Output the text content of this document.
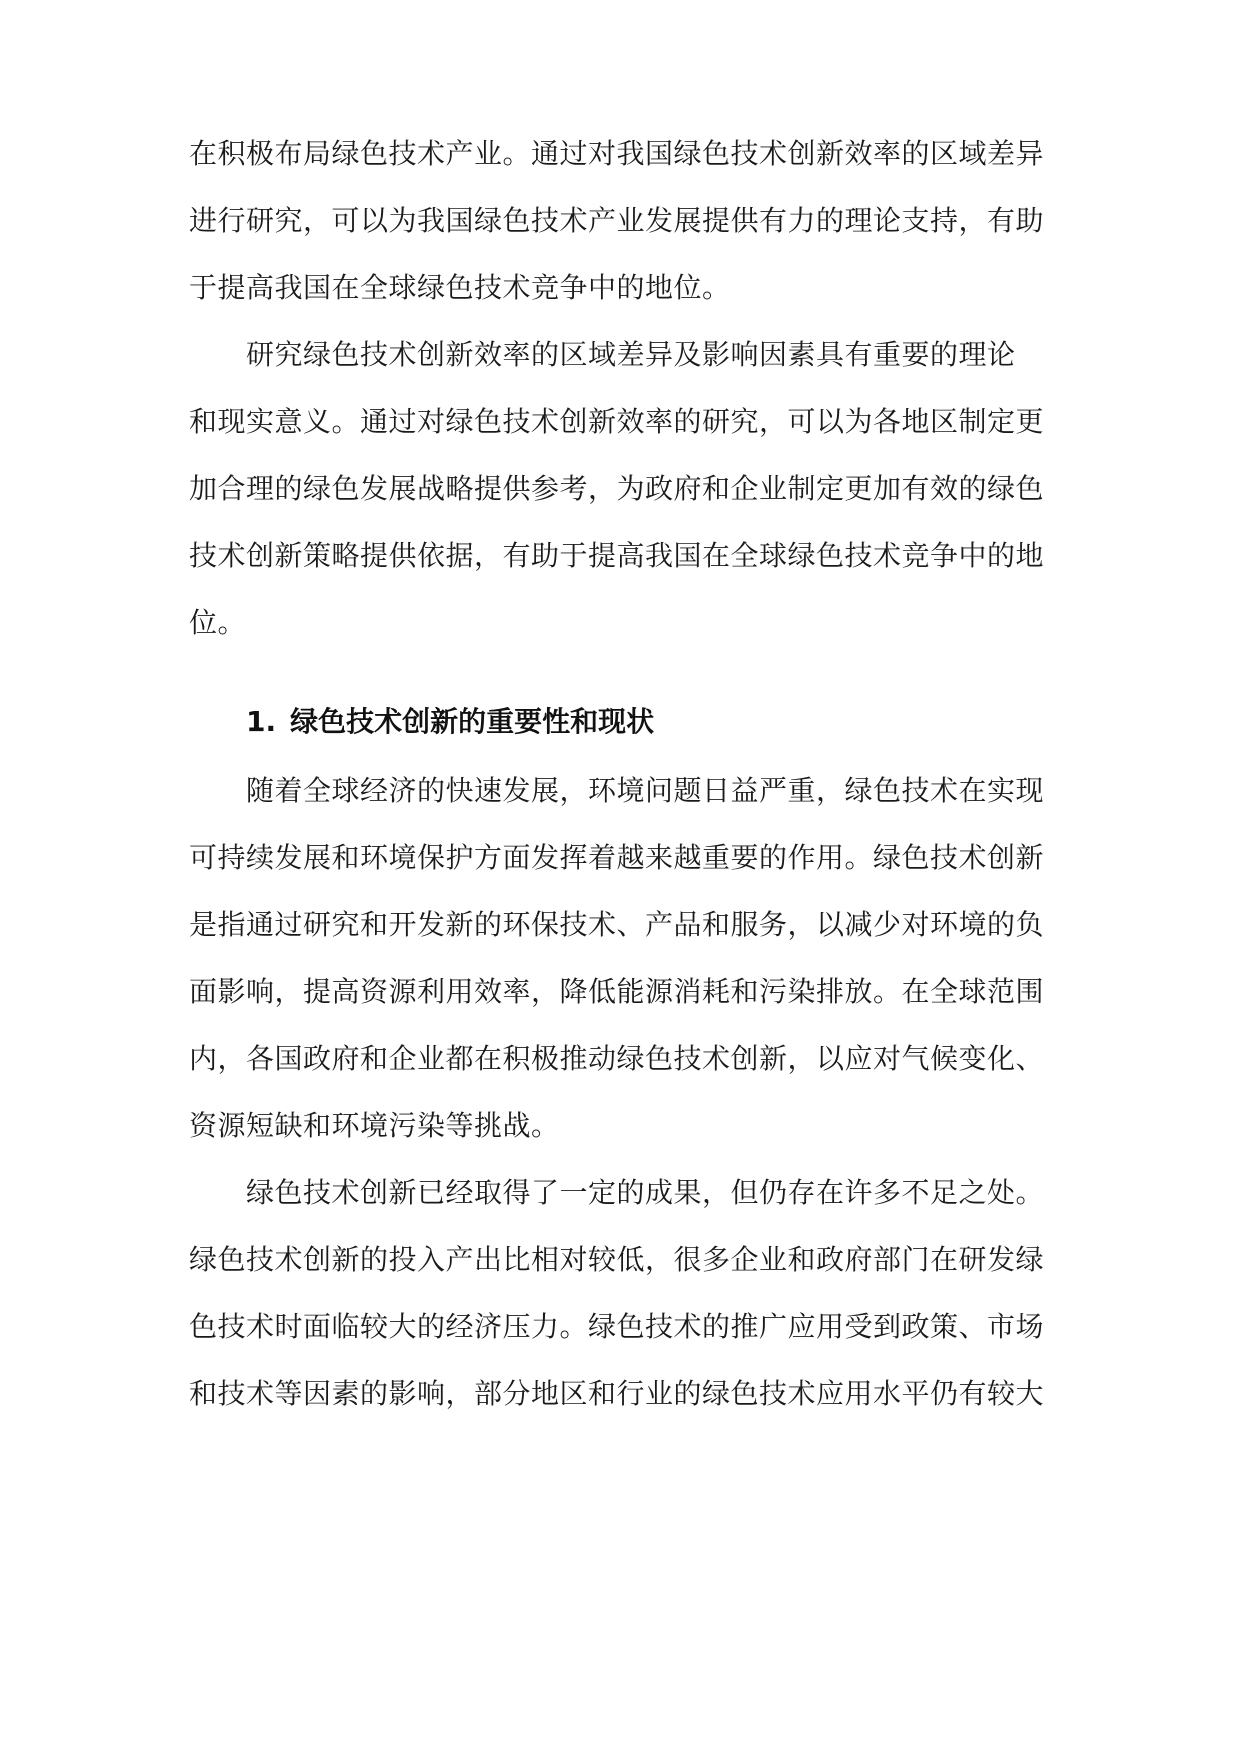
在积极布局绿色技术产业。通过对我国绿色技术创新效率的区域差异
进行研究，可以为我国绿色技术产业发展提供有力的理论支持，有助
于提高我国在全球绿色技术竞争中的地位。
研究绿色技术创新效率的区域差异及影响因素具有重要的理论
和现实意义。通过对绿色技术创新效率的研究，可以为各地区制定更
加合理的绿色发展战略提供参考，为政府和企业制定更加有效的绿色
技术创新策略提供依据，有助于提高我国在全球绿色技术竞争中的地
位。
1. 绿色技术创新的重要性和现状
随着全球经济的快速发展，环境问题日益严重，绿色技术在实现
可持续发展和环境保护方面发挥着越来越重要的作用。绿色技术创新
是指通过研究和开发新的环保技术、产品和服务，以减少对环境的负
面影响，提高资源利用效率，降低能源消耗和污染排放。在全球范围
内，各国政府和企业都在积极推动绿色技术创新，以应对气候变化、
资源短缺和环境污染等挑战。
绿色技术创新已经取得了一定的成果，但仍存在许多不足之处。
绿色技术创新的投入产出比相对较低，很多企业和政府部门在研发绿
色技术时面临较大的经济压力。绿色技术的推广应用受到政策、市场
和技术等因素的影响，部分地区和行业的绿色技术应用水平仍有较大
